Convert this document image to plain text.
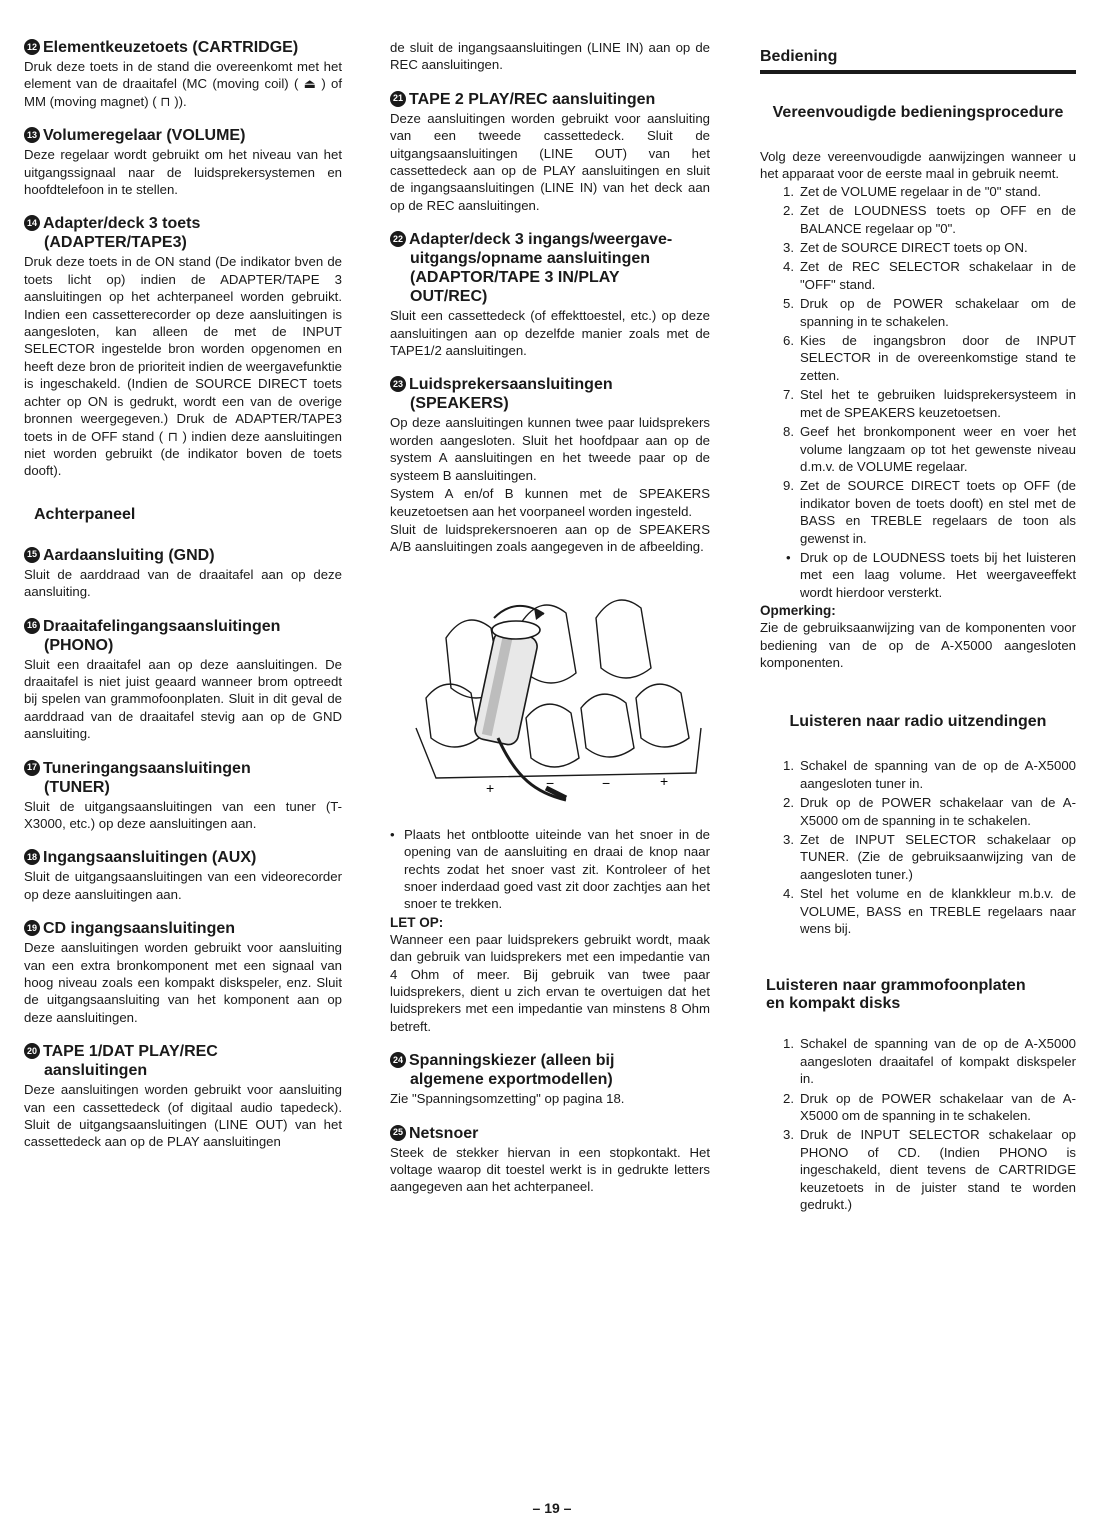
12 Elementkeuzetoets (CARTRIDGE)
Druk deze toets in de stand die overeenkomt met het element van de draaitafel (MC (moving coil) ( ⏏ ) of MM (moving magnet) ( ⊓ )).
13 Volumeregelaar (VOLUME)
Deze regelaar wordt gebruikt om het niveau van het uitgangssignaal naar de luidsprekersystemen en hoofdtelefoon in te stellen.
14 Adapter/deck 3 toets
(ADAPTER/TAPE3)
Druk deze toets in de ON stand (De indikator bven de toets licht op) indien de ADAPTER/TAPE 3 aansluitingen op het achterpaneel worden gebruikt. Indien een cassetterecorder op deze aansluitingen is aangesloten, kan alleen de met de INPUT SELECTOR ingestelde bron worden opgenomen en heeft deze bron de prioriteit indien de weergavefunktie is ingeschakeld. (Indien de SOURCE DIRECT toets achter op ON is gedrukt, wordt een van de overige bronnen weergegeven.) Druk de ADAPTER/TAPE3 toets in de OFF stand ( ⊓ ) indien deze aansluitingen niet worden gebruikt (de indikator boven de toets dooft).
Achterpaneel
15 Aardaansluiting (GND)
Sluit de aarddraad van de draaitafel aan op deze aansluiting.
16 Draaitafelingangsaansluitingen
(PHONO)
Sluit een draaitafel aan op deze aansluitingen. De draaitafel is niet juist geaard wanneer brom optreedt bij spelen van grammofoonplaten. Sluit in dit geval de aarddraad van de draaitafel stevig aan op de GND aansluiting.
17 Tuneringangsaansluitingen
(TUNER)
Sluit de uitgangsaansluitingen van een tuner (T-X3000, etc.) op deze aansluitingen aan.
18 Ingangsaansluitingen (AUX)
Sluit de uitgangsaansluitingen van een videorecorder op deze aansluitingen aan.
19 CD ingangsaansluitingen
Deze aansluitingen worden gebruikt voor aansluiting van een extra bronkomponent met een signaal van hoog niveau zoals een kompakt diskspeler, enz. Sluit de uitgangsaansluiting van het komponent aan op deze aansluitingen.
20 TAPE 1/DAT PLAY/REC
aansluitingen
Deze aansluitingen worden gebruikt voor aansluiting van een cassettedeck (of digitaal audio tapedeck). Sluit de uitgangsaansluitingen (LINE OUT) van het cassettedeck aan op de PLAY aansluitingen
de sluit de ingangsaansluitingen (LINE IN) aan op de REC aansluitingen.
21 TAPE 2 PLAY/REC aansluitingen
Deze aansluitingen worden gebruikt voor aansluiting van een tweede cassettedeck. Sluit de uitgangsaansluitingen (LINE OUT) van het cassettedeck aan op de PLAY aansluitingen en sluit de ingangsaansluitingen (LINE IN) van het deck aan op de REC aansluitingen.
22 Adapter/deck 3 ingangs/weergave-
uitgangs/opname aansluitingen
(ADAPTOR/TAPE 3 IN/PLAY
OUT/REC)
Sluit een cassettedeck (of effekttoestel, etc.) op deze aansluitingen aan op dezelfde manier zoals met de TAPE1/2 aansluitingen.
23 Luidsprekersaansluitingen
(SPEAKERS)
Op deze aansluitingen kunnen twee paar luidsprekers worden aangesloten. Sluit het hoofdpaar aan op de system A aansluitingen en het tweede paar op de systeem B aansluitingen.
System A en/of B kunnen met de SPEAKERS keuzetoetsen aan het voorpaneel worden ingesteld.
Sluit de luidsprekersnoeren aan op de SPEAKERS A/B aansluitingen zoals aangegeven in de afbeelding.
+	−	−	+
• Plaats het ontblootte uiteinde van het snoer in de opening van de aansluiting en draai de knop naar rechts zodat het snoer vast zit. Kontroleer of het snoer inderdaad goed vast zit door zachtjes aan het snoer te trekken.
LET OP:
Wanneer een paar luidsprekers gebruikt wordt, maak dan gebruik van luidsprekers met een impedantie van 4 Ohm of meer. Bij gebruik van twee paar luidsprekers, dient u zich ervan te overtuigen dat het luidsprekers met een impedantie van minstens 8 Ohm betreft.
24 Spanningskiezer (alleen bij
algemene exportmodellen)
Zie "Spanningsomzetting" op pagina 18.
25 Netsnoer
Steek de stekker hiervan in een stopkontakt. Het voltage waarop dit toestel werkt is in gedrukte letters aangegeven aan het achterpaneel.
Bediening
Vereenvoudigde bedieningsprocedure
Volg deze vereenvoudigde aanwijzingen wanneer u het apparaat voor de eerste maal in gebruik neemt.
1. Zet de VOLUME regelaar in de "0" stand.
2. Zet de LOUDNESS toets op OFF en de BALANCE regelaar op "0".
3. Zet de SOURCE DIRECT toets op ON.
4. Zet de REC SELECTOR schakelaar in de "OFF" stand.
5. Druk op de POWER schakelaar om de spanning in te schakelen.
6. Kies de ingangsbron door de INPUT SELECTOR in de overeenkomstige stand te zetten.
7. Stel het te gebruiken luidsprekersysteem in met de SPEAKERS keuzetoetsen.
8. Geef het bronkomponent weer en voer het volume langzaam op tot het gewenste niveau d.m.v. de VOLUME regelaar.
9. Zet de SOURCE DIRECT toets op OFF (de indikator boven de toets dooft) en stel met de BASS en TREBLE regelaars de toon als gewenst in.
• Druk op de LOUDNESS toets bij het luisteren met een laag volume. Het weergaveeffekt wordt hierdoor versterkt.
Opmerking:
Zie de gebruiksaanwijzing van de komponenten voor bediening van de op de A-X5000 aangesloten komponenten.
Luisteren naar radio uitzendingen
1. Schakel de spanning van de op de A-X5000 aangesloten tuner in.
2. Druk op de POWER schakelaar van de A-X5000 om de spanning in te schakelen.
3. Zet de INPUT SELECTOR schakelaar op TUNER. (Zie de gebruiksaanwijzing van de aangesloten tuner.)
4. Stel het volume en de klankkleur m.b.v. de VOLUME, BASS en TREBLE regelaars naar wens bij.
Luisteren naar grammofoonplaten
en kompakt disks
1. Schakel de spanning van de op de A-X5000 aangesloten draaitafel of kompakt diskspeler in.
2. Druk op de POWER schakelaar van de A-X5000 om de spanning in te schakelen.
3. Druk de INPUT SELECTOR schakelaar op PHONO of CD. (Indien PHONO is ingeschakeld, dient tevens de CARTRIDGE keuzetoets in de juister stand te worden gedrukt.)
– 19 –
